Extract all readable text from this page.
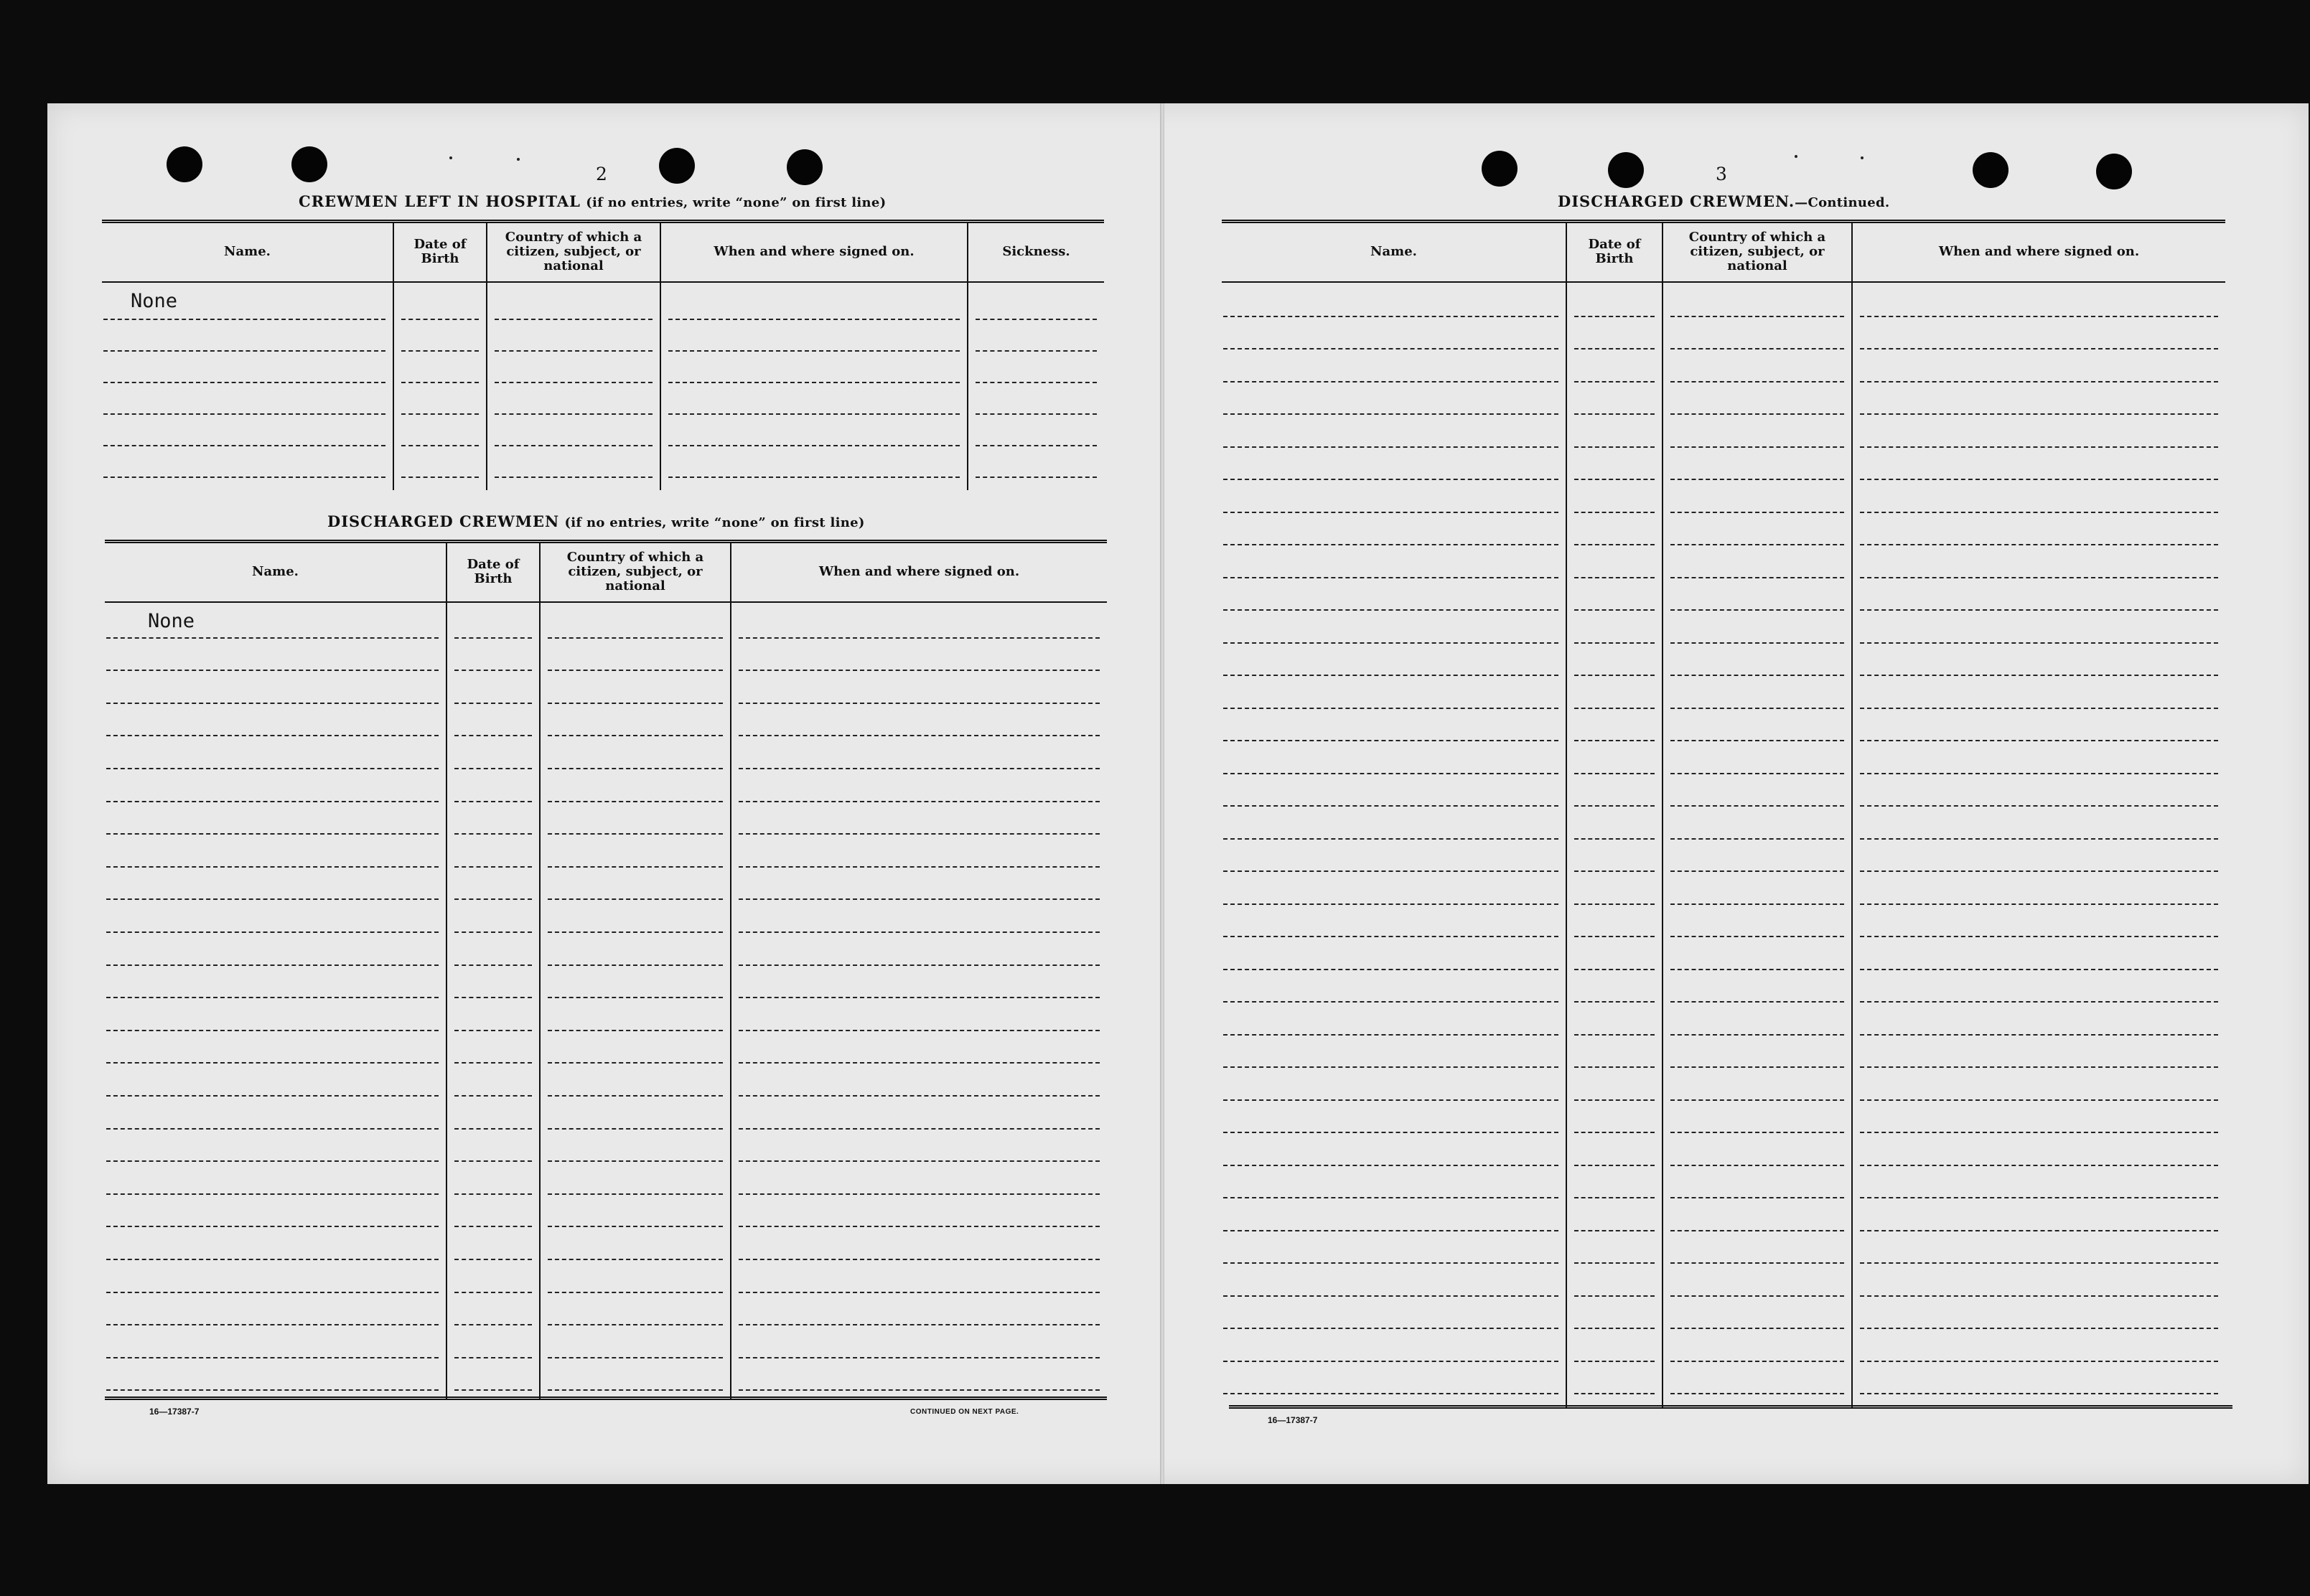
2
CREWMEN LEFT IN HOSPITAL (if no entries, write “none” on first line)
Name.	Date of Birth	Country of which a citizen, subject, or national	When and where signed on.	Sickness.

None				

DISCHARGED CREWMEN (if no entries, write “none” on first line)
Name.	Date of Birth	Country of which a citizen, subject, or national	When and where signed on.

None			

16—17387-7	CONTINUED ON NEXT PAGE.
3
DISCHARGED CREWMEN.—Continued.
Name.	Date of Birth	Country of which a citizen, subject, or national	When and where signed on.

16—17387-7
